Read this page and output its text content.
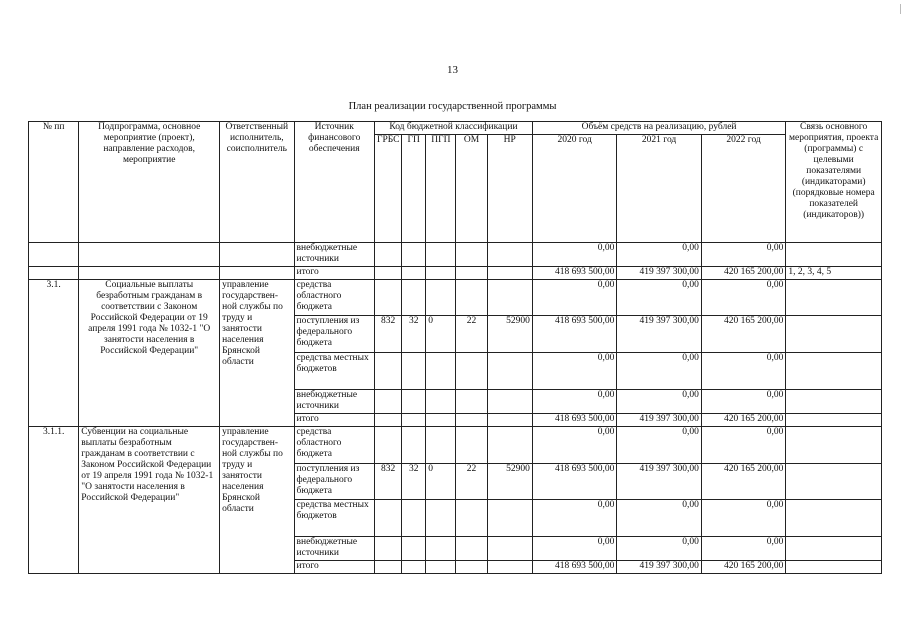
13
План реализации государственной программы
№ пп	Подпрограмма, основное мероприятие (проект), направление расходов, мероприятие	Ответственный исполнитель, соисполнитель	Источник финансового обеспечения	Код бюджетной классификации					Объём средств на реализацию, рублей			Связь основного мероприятия, проекта (программы) с целевыми показателями (индикаторами) (порядковые номера показателей (индикаторов))
				ГРБС	ГП	ПГП	ОМ	НР	2020 год	2021 год	2022 год	
			внебюджетные источники						0,00	0,00	0,00	
			итого						418 693 500,00	419 397 300,00	420 165 200,00	1, 2, 3, 4, 5
3.1.	Социальные выплаты безработным гражданам в соответствии с Законом Российской Федерации от 19 апреля 1991 года № 1032-1 "О занятости населения в Российской Федерации"	управление государствен-ной службы по труду и занятости населения Брянской области	средства областного бюджета						0,00	0,00	0,00	
			поступления из федерального бюджета	832	32	0	22	52900	418 693 500,00	419 397 300,00	420 165 200,00	
			средства местных бюджетов						0,00	0,00	0,00	
			внебюджетные источники						0,00	0,00	0,00	
			итого						418 693 500,00	419 397 300,00	420 165 200,00	
3.1.1.	Субвенции на социальные выплаты безработным гражданам в соответствии с Законом Российской Федерации от 19 апреля 1991 года № 1032-1 "О занятости населения в Российской Федерации"	управление государствен-ной службы по труду и занятости населения Брянской области	средства областного бюджета						0,00	0,00	0,00	
			поступления из федерального бюджета	832	32	0	22	52900	418 693 500,00	419 397 300,00	420 165 200,00	
			средства местных бюджетов						0,00	0,00	0,00	
			внебюджетные источники						0,00	0,00	0,00	
			итого						418 693 500,00	419 397 300,00	420 165 200,00	
